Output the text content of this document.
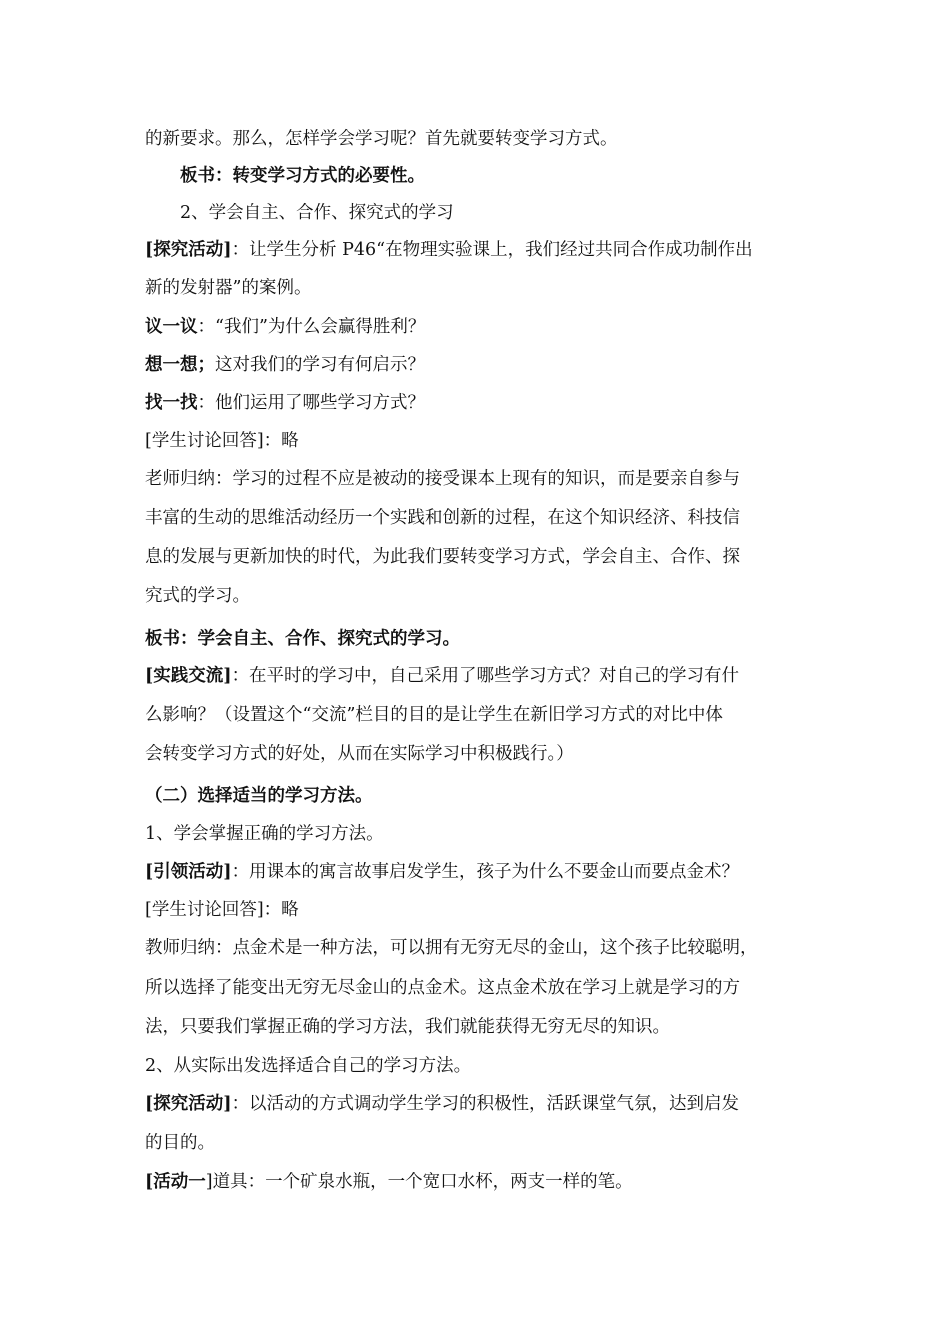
的新要求。那么，怎样学会学习呢？首先就要转变学习方式。
板书：转变学习方式的必要性。
2、学会自主、合作、探究式的学习
[探究活动]：让学生分析 P46“在物理实验课上，我们经过共同合作成功制作出
新的发射器”的案例。
议一议：“我们”为什么会赢得胜利？
想一想；这对我们的学习有何启示？
找一找：他们运用了哪些学习方式？
[学生讨论回答]：略
老师归纳：学习的过程不应是被动的接受课本上现有的知识，而是要亲自参与
丰富的生动的思维活动经历一个实践和创新的过程，在这个知识经济、科技信
息的发展与更新加快的时代，为此我们要转变学习方式，学会自主、合作、探
究式的学习。
板书：学会自主、合作、探究式的学习。
[实践交流]：在平时的学习中，自己采用了哪些学习方式？对自己的学习有什
么影响？（设置这个“交流”栏目的目的是让学生在新旧学习方式的对比中体
会转变学习方式的好处，从而在实际学习中积极践行。）
（二）选择适当的学习方法。
1、学会掌握正确的学习方法。
[引领活动]：用课本的寓言故事启发学生，孩子为什么不要金山而要点金术？
[学生讨论回答]：略
教师归纳：点金术是一种方法，可以拥有无穷无尽的金山，这个孩子比较聪明，
所以选择了能变出无穷无尽金山的点金术。这点金术放在学习上就是学习的方
法，只要我们掌握正确的学习方法，我们就能获得无穷无尽的知识。
2、从实际出发选择适合自己的学习方法。
[探究活动]：以活动的方式调动学生学习的积极性，活跃课堂气氛，达到启发
的目的。
[活动一]道具：一个矿泉水瓶，一个宽口水杯，两支一样的笔。
